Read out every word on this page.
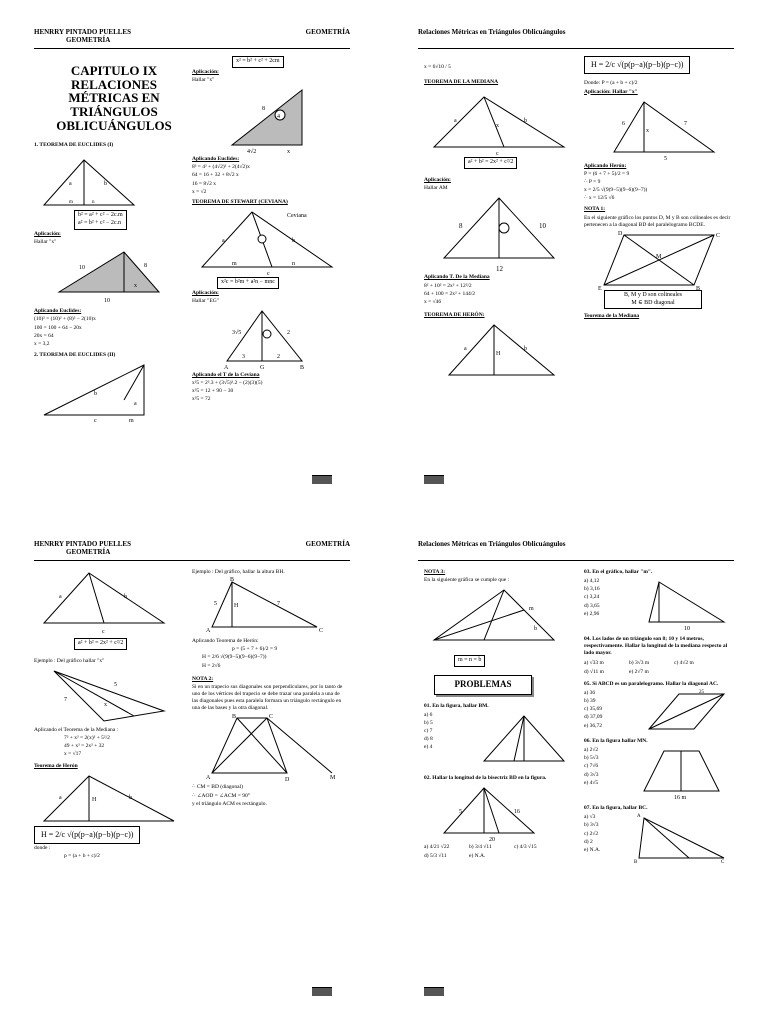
HENRRY PINTADO PUELLES
GEOMETRÍA
GEOMETRÍA
CAPITULO IX
RELACIONES
MÉTRICAS EN
TRIÁNGULOS
OBLICUÁNGULOS
1. TEOREMA DE EUCLIDES (I)
a	b
m	n
b² = a² + c² − 2c.m
a² = b² + c² − 2c.n
Aplicación:
Hallar "x"
10	8
10
x
Aplicando Euclides:
(10)² = (10)² + (8)² − 2(10)x
100 = 100 + 64 − 20x
20x = 64
x = 3,2
2. TEOREMA DE EUCLIDES (II)
b
a
c	m
x² = b² + c² + 2cm
Aplicación:
Hallar "x"
4
8
4√2	x
Aplicando Euclides:
8² = 4² + (4√2)² + 2(4√2)x
64 = 16 + 32 + 8√2 x
16 = 8√2 x
x = √2
TEOREMA DE STEWART (CEVIANA)
Ceviana
a	b
m	n
c
x²c = b²m + a²n − mnc
Aplicación:
Hallar "EG"
3√5	2
3	2
A	G	B
Aplicando el T de la Ceviana
x²5 = 2².3 + (3√5)².2 − (2)(3)(5)
x²5 = 12 + 90 − 30
x²5 = 72
Relaciones Métricas en Triángulos Oblicuángulos
x = 6√10 / 5
TEOREMA DE LA MEDIANA
a	b
x
c
a² + b² = 2x² + c²/2
Aplicación:
Hallar AM
8	10
12
Aplicando T. De la Mediana
8² + 10² = 2x² + 12²/2
64 + 100 = 2x² + 144/2
x = √46
TEOREMA DE HERÓN:
a	b
H
H = 2/c √(p(p−a)(p−b)(p−c))
Donde: P = (a + b + c)/2
Aplicación: Hallar "x"
6	7
x
5
Aplicando Herón:
P = (6 + 7 + 5)/2 = 9
∴ P = 9
x = 2/5 √(9(9−5)(9−6)(9−7))
∴ x = 12/5 √6
NOTA 1:
En el siguiente gráfico los puntos D, M y B son colineales es decir pertenecen a la diagonal BD del paralelogramo BCDE.
D	C
E	B
M
B, M y D son colineales
M ∈ BD diagonal
Teorema de la Mediana
HENRRY PINTADO PUELLES
GEOMETRÍA
GEOMETRÍA
a	b
c
a² + b² = 2x² + c²/2
Ejemplo : Del gráfico hallar "x"
7
5
x
Aplicando el Teorema de la Mediana :
7² + x² = 2(x)² + 5²/2
49 + x² = 2x² + 32
x = √17
Teorema de Herón
a	b
H
H = 2/c √(p(p−a)(p−b)(p−c))
donde :
p = (a + b + c)/2
Ejemplo : Del gráfico, hallar la altura BH.
5	7
H
A	C
B
Aplicando Teorema de Herón:
p = (5 + 7 + 6)/2 = 9
H = 2/6 √(9(9−5)(9−6)(9−7))
H = 2√6
NOTA 2:
Si en un trapecio sus diagonales son perpendiculares, por lo tanto de uno de los vértices del trapecio se debe trazar una paralela a una de las diagonales pues esta paralela formara un triángulo rectángulo en una de las bases y la otra diagonal.
B	C
A	D	M
∴ CM = BD (diagonal)
∴ ∠AOD = ∠ACM = 90°
y el triángulo ACM es rectángulo.
Relaciones Métricas en Triángulos Oblicuángulos
NOTA 3:
En la siguiente gráfica se cumple que :
m
b
m = n = b
PROBLEMAS
01. En la figura, hallar BM.
a) 6
b) 5
c) 7
d) 8
e) 4
02. Hallar la longitud de la bisectriz BD en la figura.
5	16
20
a) 4/21 √22	b) 3/4 √11	c) 4/3 √15
d) 5/3 √11	e) N.A.
03. En el gráfico, hallar "m".
a) 4,12
b) 3,16
c) 3,24
d) 3,65
e) 2,96
10
04. Los lados de un triángulo son 8; 10 y 14 metros, respectivamente. Hallar la longitud de la mediana respecto al lado mayor.
a) √33 m	b) 3√3 m	c) 4√2 m
d) √11 m	e) 2√7 m
05. Si ABCD es un paralelogramo. Hallar la diagonal AC.
a) 36
b) 39
c) 35,69
d) 37,09
e) 36,72
25
06. En la figura hallar MN.
a) 2√2
b) 5√3
c) 7√6
d) 3√3
e) 4√5
16 m
07. En la figura, hallar BC.
a) √3
b) 3√3
c) 2√2
d) 2
e) N.A.
A
B	C
